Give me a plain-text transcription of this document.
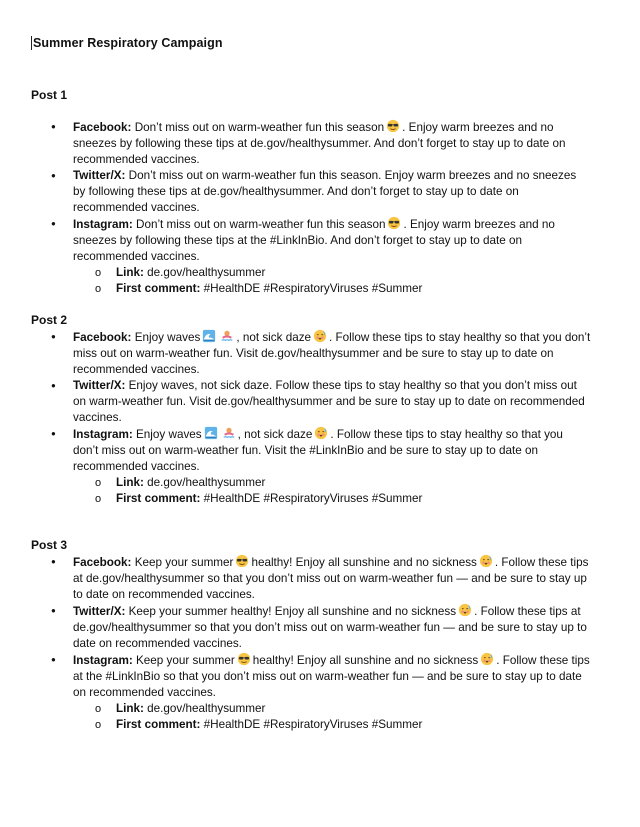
Summer Respiratory Campaign
Post 1
● Facebook: Don’t miss out on warm-weather fun this season . Enjoy warm breezes and no sneezes by following these tips at de.gov/healthysummer. And don’t forget to stay up to date on recommended vaccines.
● Twitter/X: Don’t miss out on warm-weather fun this season. Enjoy warm breezes and no sneezes by following these tips at de.gov/healthysummer. And don’t forget to stay up to date on recommended vaccines.
● Instagram: Don’t miss out on warm-weather fun this season . Enjoy warm breezes and no sneezes by following these tips at the #LinkInBio. And don’t forget to stay up to date on recommended vaccines.
o Link: de.gov/healthysummer
o First comment: #HealthDE #RespiratoryViruses #Summer
Post 2
● Facebook: Enjoy waves	, not sick daze . Follow these tips to stay healthy so that you don’t miss out on warm-weather fun. Visit de.gov/healthysummer and be sure to stay up to date on recommended vaccines.
● Twitter/X: Enjoy waves, not sick daze. Follow these tips to stay healthy so that you don’t miss out on warm-weather fun. Visit de.gov/healthysummer and be sure to stay up to date on recommended vaccines.
● Instagram: Enjoy waves	, not sick daze . Follow these tips to stay healthy so that you don’t miss out on warm-weather fun. Visit the #LinkInBio and be sure to stay up to date on recommended vaccines.
o Link: de.gov/healthysummer
o First comment: #HealthDE #RespiratoryViruses #Summer
Post 3
● Facebook: Keep your summer healthy! Enjoy all sunshine and no sickness . Follow these tips at de.gov/healthysummer so that you don’t miss out on warm-weather fun — and be sure to stay up to date on recommended vaccines.
● Twitter/X: Keep your summer healthy! Enjoy all sunshine and no sickness . Follow these tips at de.gov/healthysummer so that you don’t miss out on warm-weather fun — and be sure to stay up to date on recommended vaccines.
● Instagram: Keep your summer healthy! Enjoy all sunshine and no sickness . Follow these tips at the #LinkInBio so that you don’t miss out on warm-weather fun — and be sure to stay up to date on recommended vaccines.
o Link: de.gov/healthysummer
o First comment: #HealthDE #RespiratoryViruses #Summer
